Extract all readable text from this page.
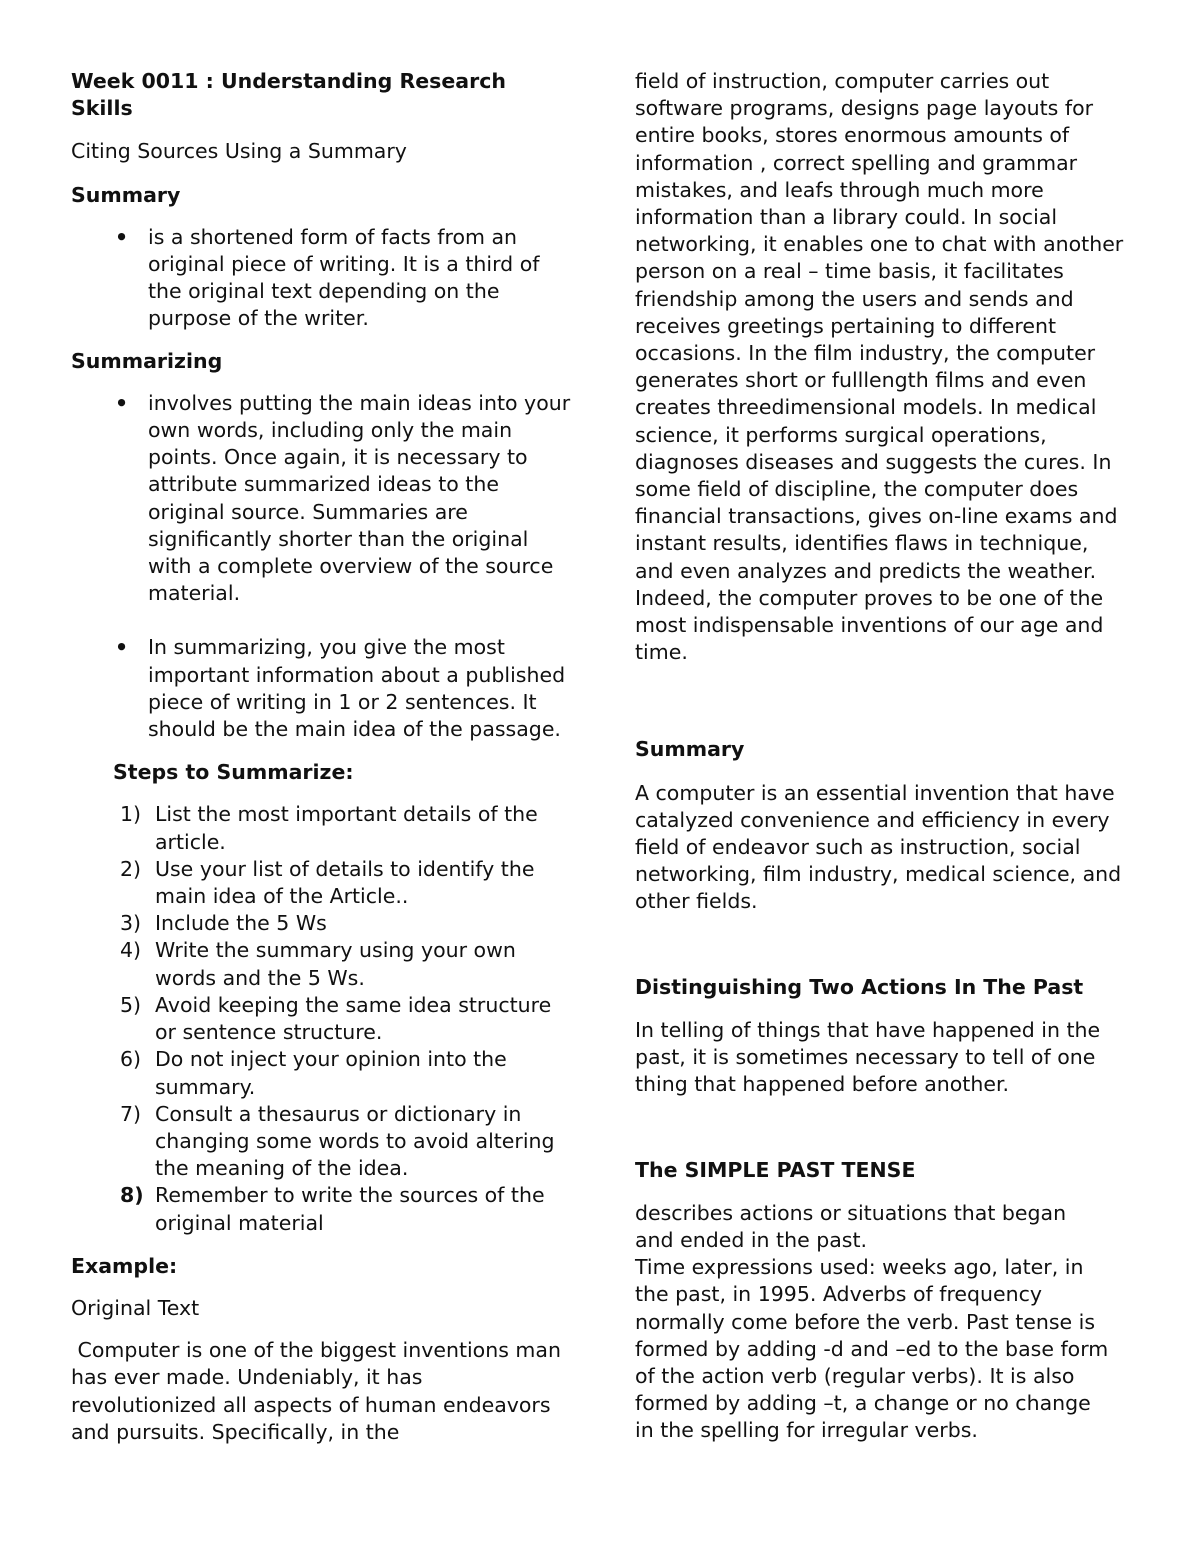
Week 0011 : Understanding Research Skills

Citing Sources Using a Summary

Summary

• is a shortened form of facts from an original piece of writing. It is a third of the original text depending on the purpose of the writer.

Summarizing

• involves putting the main ideas into your own words, including only the main points. Once again, it is necessary to attribute summarized ideas to the original source. Summaries are significantly shorter than the original with a complete overview of the source material.
• In summarizing, you give the most important information about a published piece of writing in 1 or 2 sentences. It should be the main idea of the passage.

Steps to Summarize:

1) List the most important details of the article.
2) Use your list of details to identify the main idea of the Article..
3) Include the 5 Ws
4) Write the summary using your own words and the 5 Ws.
5) Avoid keeping the same idea structure or sentence structure.
6) Do not inject your opinion into the summary.
7) Consult a thesaurus or dictionary in changing some words to avoid altering the meaning of the idea.
8) Remember to write the sources of the original material

Example:

Original Text

Computer is one of the biggest inventions man has ever made. Undeniably, it has revolutionized all aspects of human endeavors and pursuits. Specifically, in the

field of instruction, computer carries out software programs, designs page layouts for entire books, stores enormous amounts of information , correct spelling and grammar mistakes, and leafs through much more information than a library could. In social networking, it enables one to chat with another person on a real – time basis, it facilitates friendship among the users and sends and receives greetings pertaining to different occasions. In the film industry, the computer generates short or fulllength films and even creates threedimensional models. In medical science, it performs surgical operations, diagnoses diseases and suggests the cures. In some field of discipline, the computer does financial transactions, gives on-line exams and instant results, identifies flaws in technique, and even analyzes and predicts the weather. Indeed, the computer proves to be one of the most indispensable inventions of our age and time.

Summary

A computer is an essential invention that have catalyzed convenience and efficiency in every field of endeavor such as instruction, social networking, film industry, medical science, and other fields.

Distinguishing Two Actions In The Past

In telling of things that have happened in the past, it is sometimes necessary to tell of one thing that happened before another.

The SIMPLE PAST TENSE

describes actions or situations that began and ended in the past.

Time expressions used: weeks ago, later, in the past, in 1995. Adverbs of frequency normally come before the verb. Past tense is formed by adding -d and –ed to the base form of the action verb (regular verbs). It is also formed by adding –t, a change or no change in the spelling for irregular verbs.
